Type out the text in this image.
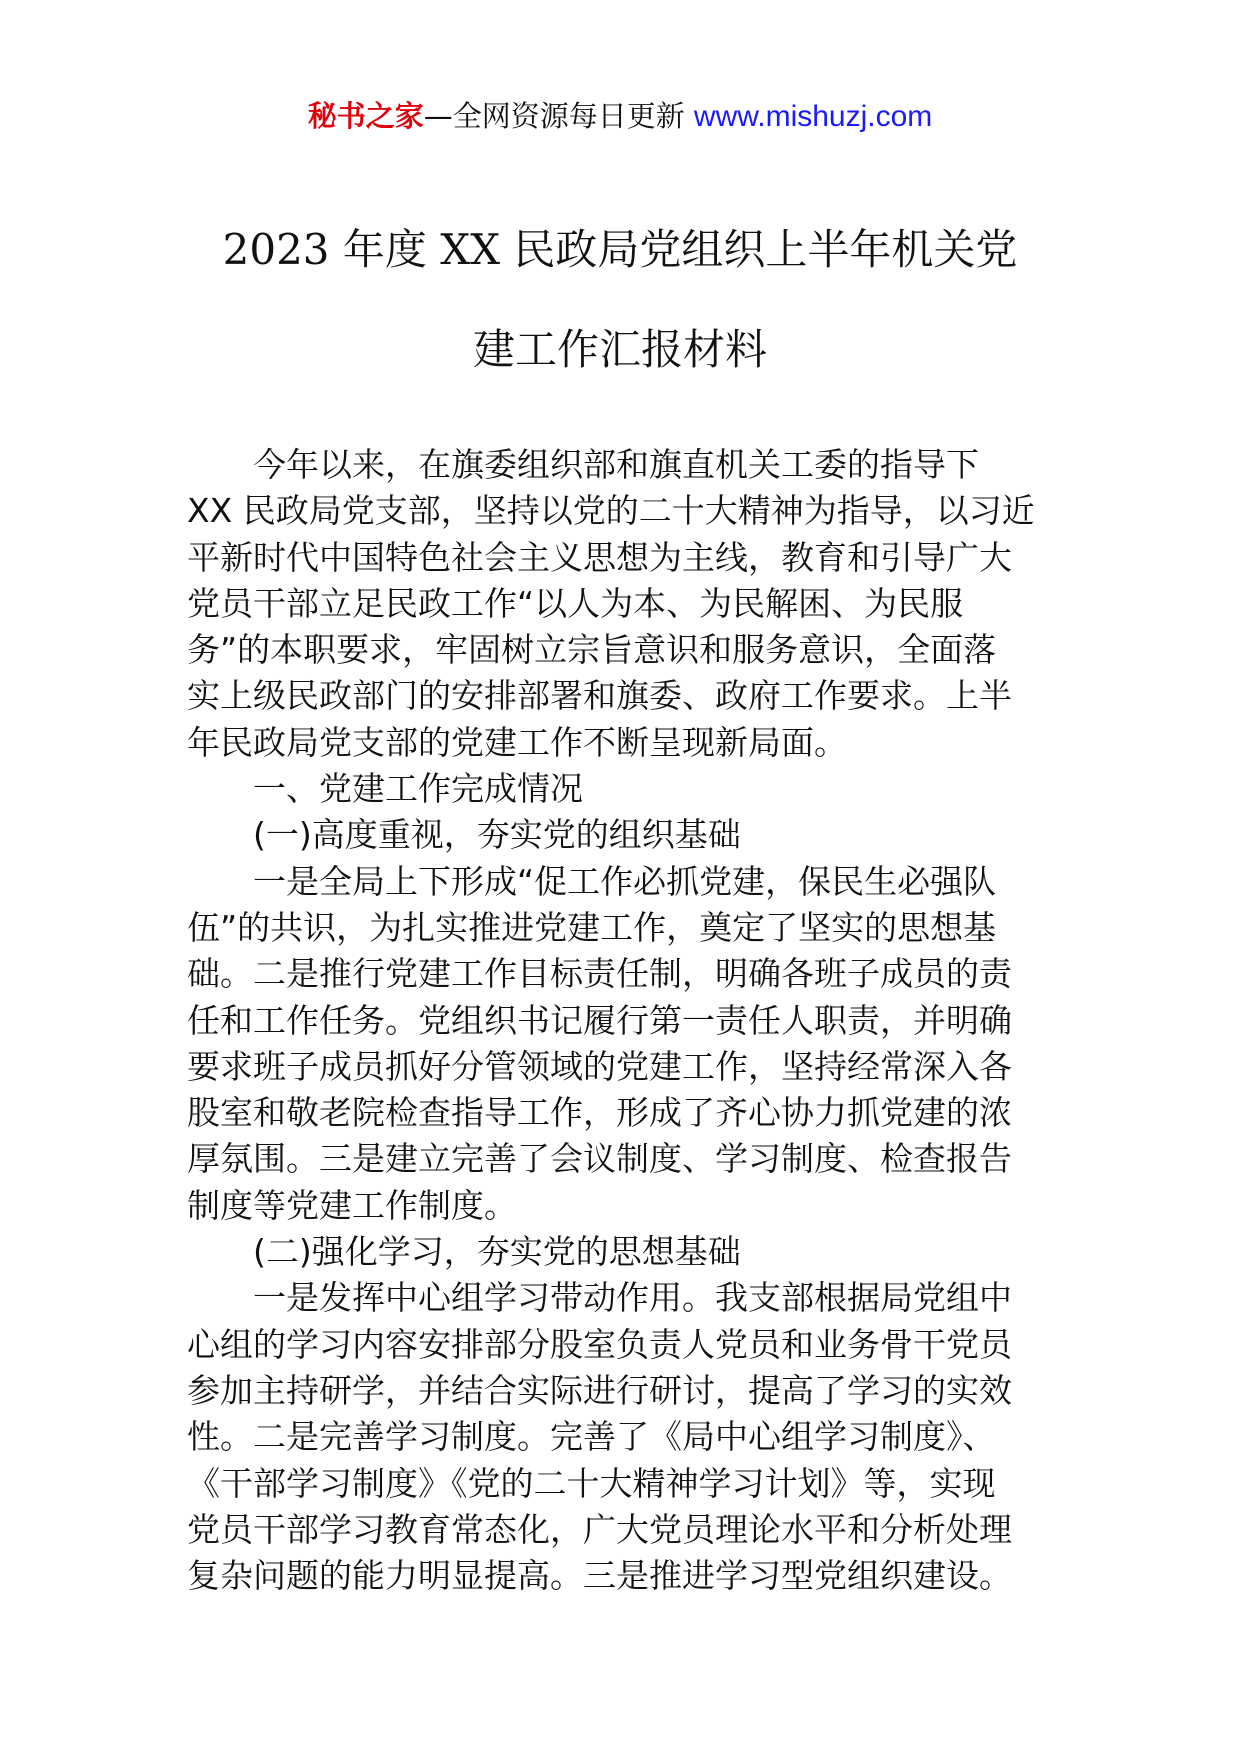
秘书之家—全网资源每日更新 www.mishuzj.com
2023 年度 XX 民政局党组织上半年机关党
建工作汇报材料

今年以来，在旗委组织部和旗直机关工委的指导下
XX 民政局党支部，坚持以党的二十大精神为指导，以习近
平新时代中国特色社会主义思想为主线，教育和引导广大
党员干部立足民政工作“以人为本、为民解困、为民服
务”的本职要求，牢固树立宗旨意识和服务意识，全面落
实上级民政部门的安排部署和旗委、政府工作要求。上半
年民政局党支部的党建工作不断呈现新局面。

一、党建工作完成情况

(一)高度重视，夯实党的组织基础

一是全局上下形成“促工作必抓党建，保民生必强队
伍”的共识，为扎实推进党建工作，奠定了坚实的思想基
础。二是推行党建工作目标责任制，明确各班子成员的责
任和工作任务。党组织书记履行第一责任人职责，并明确
要求班子成员抓好分管领域的党建工作，坚持经常深入各
股室和敬老院检查指导工作，形成了齐心协力抓党建的浓
厚氛围。三是建立完善了会议制度、学习制度、检查报告
制度等党建工作制度。

(二)强化学习，夯实党的思想基础

一是发挥中心组学习带动作用。我支部根据局党组中
心组的学习内容安排部分股室负责人党员和业务骨干党员
参加主持研学，并结合实际进行研讨，提高了学习的实效
性。二是完善学习制度。完善了《局中心组学习制度》、
《干部学习制度》《党的二十大精神学习计划》等，实现
党员干部学习教育常态化，广大党员理论水平和分析处理
复杂问题的能力明显提高。三是推进学习型党组织建设。
